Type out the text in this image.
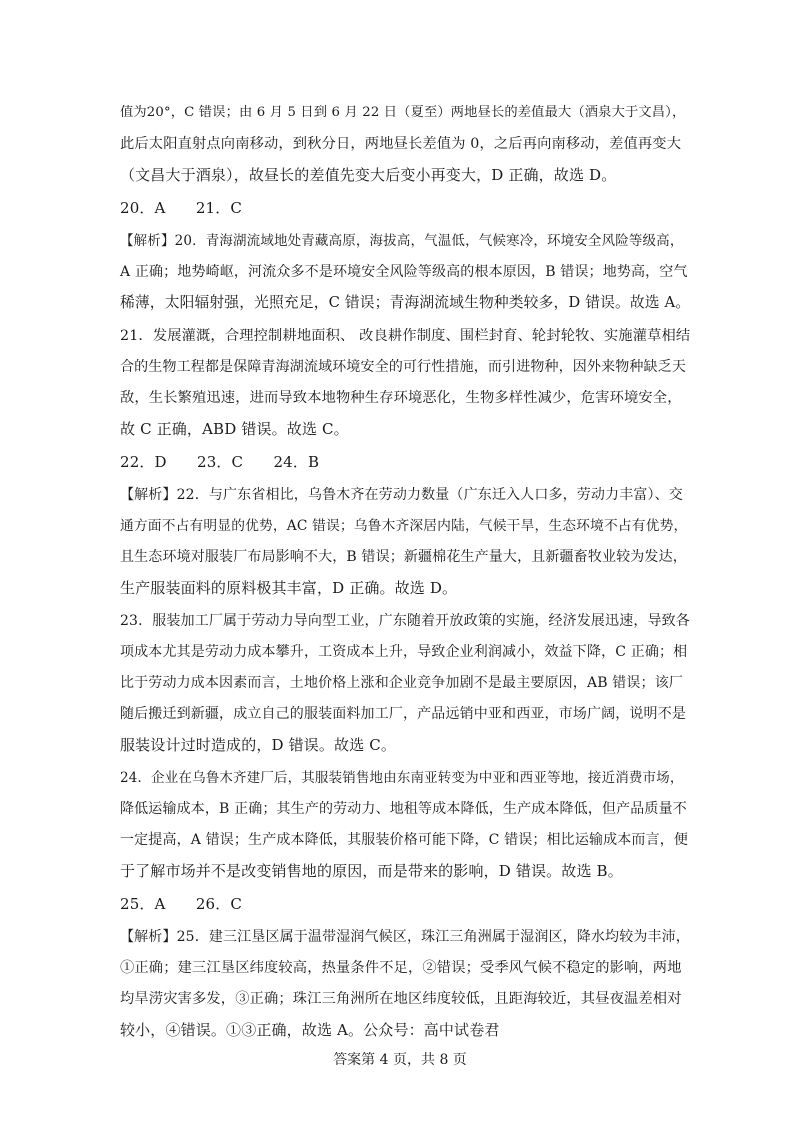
值为20°，C 错误；由 6 月 5 日到 6 月 22 日（夏至）两地昼长的差值最大（酒泉大于文昌），
此后太阳直射点向南移动，到秋分日，两地昼长差值为 0，之后再向南移动，差值再变大
（文昌大于酒泉），故昼长的差值先变大后变小再变大，D 正确，故选 D。
20．A　　21．C
【解析】20．青海湖流域地处青藏高原，海拔高，气温低，气候寒冷，环境安全风险等级高，
A 正确；地势崎岖，河流众多不是环境安全风险等级高的根本原因，B 错误；地势高，空气
稀薄，太阳辐射强，光照充足，C 错误；青海湖流域生物种类较多，D 错误。故选 A。
21．发展灌溉，合理控制耕地面积、 改良耕作制度、围栏封育、轮封轮牧、实施灌草相结
合的生物工程都是保障青海湖流域环境安全的可行性措施，而引进物种，因外来物种缺乏天
敌，生长繁殖迅速，进而导致本地物种生存环境恶化，生物多样性减少，危害环境安全，
故 C 正确，ABD 错误。故选 C。
22．D　　23．C　　24．B
【解析】22．与广东省相比，乌鲁木齐在劳动力数量（广东迁入人口多，劳动力丰富）、交
通方面不占有明显的优势，AC 错误；乌鲁木齐深居内陆，气候干旱，生态环境不占有优势，
且生态环境对服装厂布局影响不大，B 错误；新疆棉花生产量大，且新疆畜牧业较为发达，
生产服装面料的原料极其丰富，D 正确。故选 D。
23．服装加工厂属于劳动力导向型工业，广东随着开放政策的实施，经济发展迅速，导致各
项成本尤其是劳动力成本攀升，工资成本上升，导致企业利润减小，效益下降，C 正确；相
比于劳动力成本因素而言，土地价格上涨和企业竞争加剧不是最主要原因，AB 错误；该厂
随后搬迁到新疆，成立自己的服装面料加工厂，产品远销中亚和西亚，市场广阔，说明不是
服装设计过时造成的，D 错误。故选 C。
24．企业在乌鲁木齐建厂后，其服装销售地由东南亚转变为中亚和西亚等地，接近消费市场，
降低运输成本，B 正确；其生产的劳动力、地租等成本降低，生产成本降低，但产品质量不
一定提高，A 错误；生产成本降低，其服装价格可能下降，C 错误；相比运输成本而言，便
于了解市场并不是改变销售地的原因，而是带来的影响，D 错误。故选 B。
25．A　　26．C
【解析】25．建三江垦区属于温带湿润气候区，珠江三角洲属于湿润区，降水均较为丰沛，
①正确；建三江垦区纬度较高，热量条件不足，②错误；受季风气候不稳定的影响，两地
均旱涝灾害多发，③正确；珠江三角洲所在地区纬度较低，且距海较近，其昼夜温差相对
较小，④错误。①③正确，故选 A。公众号：高中试卷君
答案第 4 页，共 8 页
